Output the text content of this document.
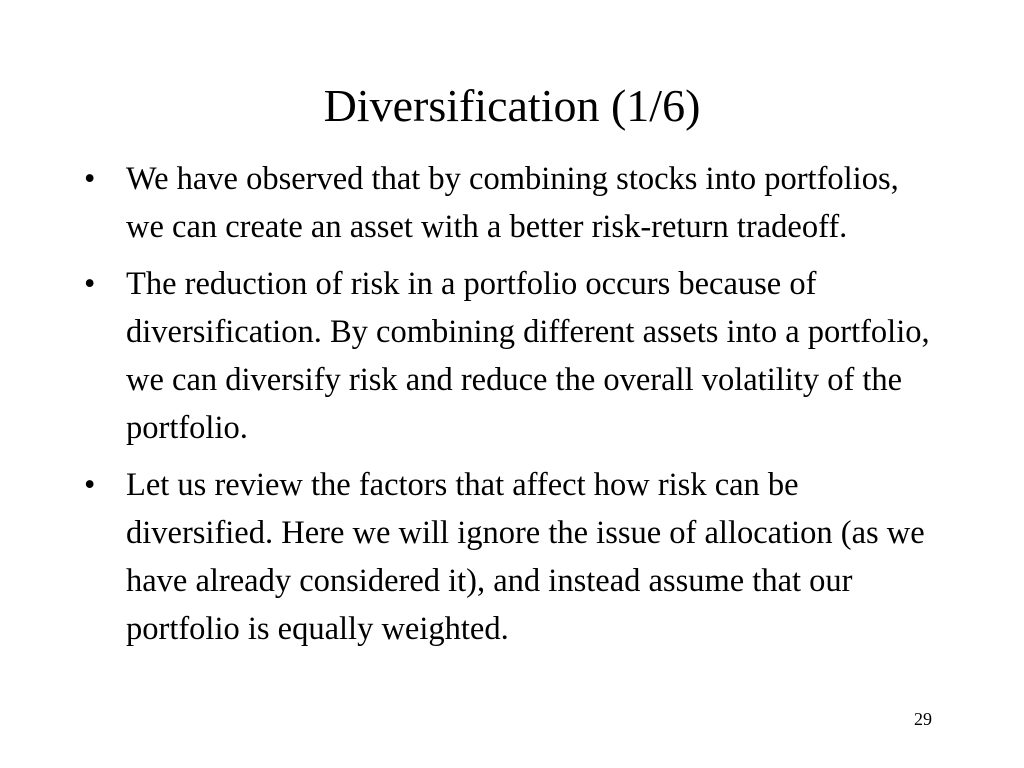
Diversification (1/6)
• We have observed that by combining stocks into portfolios, we can create an asset with a better risk-return tradeoff.
• The reduction of risk in a portfolio occurs because of diversification. By combining different assets into a portfolio, we can diversify risk and reduce the overall volatility of the portfolio.
• Let us review the factors that affect how risk can be diversified. Here we will ignore the issue of allocation (as we have already considered it), and instead assume that our portfolio is equally weighted.
29
